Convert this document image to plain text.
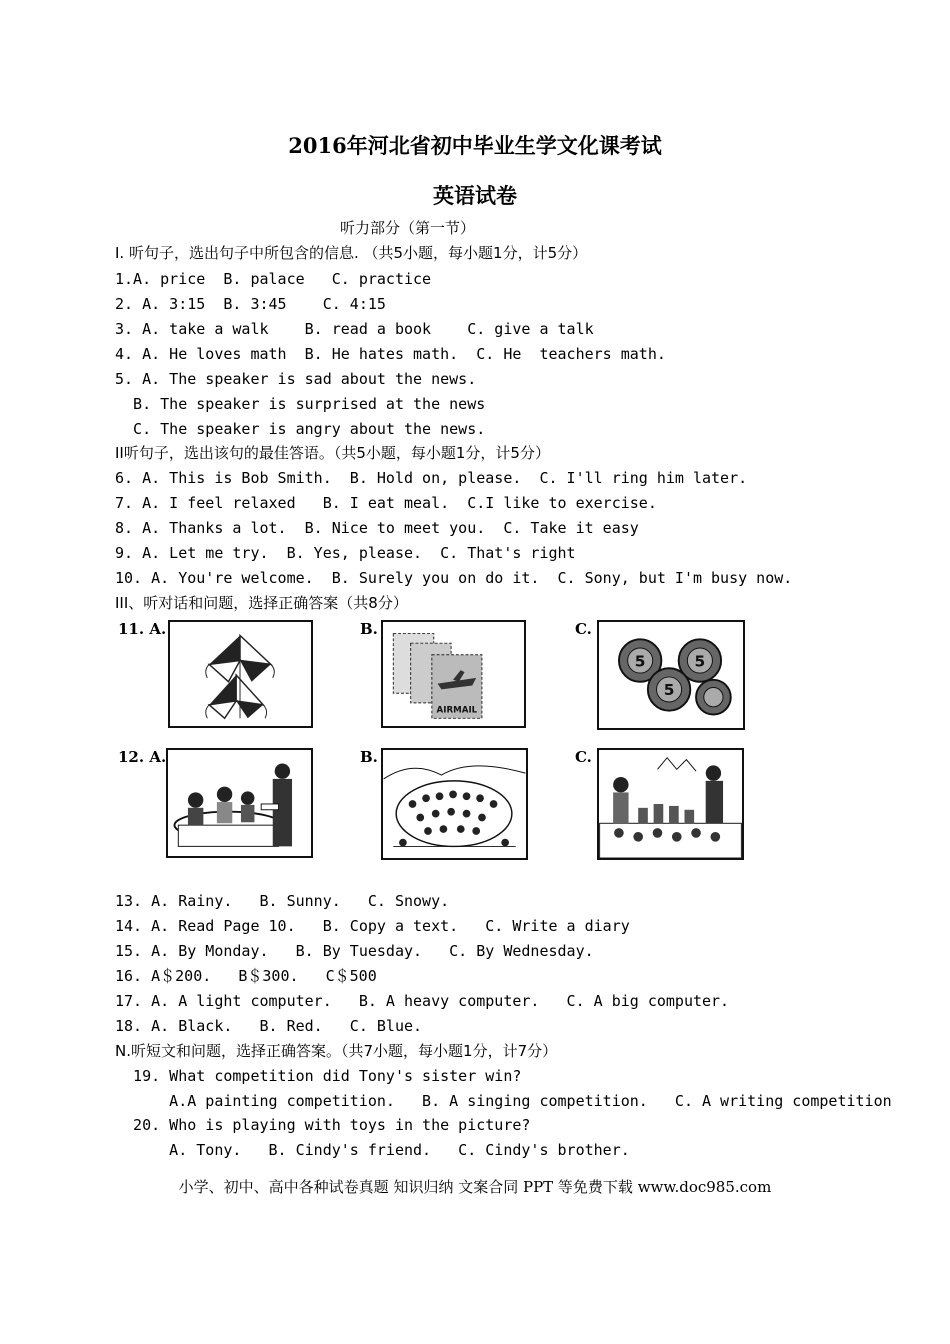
2016年河北省初中毕业生学文化课考试
英语试卷
听力部分（第一节）
I. 听句子，选出句子中所包含的信息. （共5小题，每小题1分，计5分）
1.A. price  B. palace   C. practice
2. A. 3:15  B. 3:45    C. 4:15
3. A. take a walk    B. read a book    C. give a talk
4. A. He loves math  B. He hates math.  C. He  teachers math.
5. A. The speaker is sad about the news.
B. The speaker is surprised at the news
C. The speaker is angry about the news.
II听句子，选出该句的最佳答语。（共5小题，每小题1分，计5分）
6. A. This is Bob Smith.  B. Hold on, please.  C. I'll ring him later.
7. A. I feel relaxed   B. I eat meal.  C.I like to exercise.
8. A. Thanks a lot.  B. Nice to meet you.  C. Take it easy
9. A. Let me try.  B. Yes, please.  C. That's right
10. A. You're welcome.  B. Surely you on do it.  C. Sony, but I'm busy now.
III、听对话和问题，选择正确答案（共8分）
11. A.	B.
AIRMAIL
C.
5	5
5
12. A.	B.	C.
13. A. Rainy.   B. Sunny.   C. Snowy.
14. A. Read Page 10.   B. Copy a text.   C. Write a diary
15. A. By Monday.   B. By Tuesday.   C. By Wednesday.
16. A＄200.   B＄300.   C＄500
17. A. A light computer.   B. A heavy computer.   C. A big computer.
18. A. Black.   B. Red.   C. Blue.
N.听短文和问题，选择正确答案。（共7小题，每小题1分，计7分）
19. What competition did Tony's sister win?
A.A painting competition.   B. A singing competition.   C. A writing competition
20. Who is playing with toys in the picture?
A. Tony.   B. Cindy's friend.   C. Cindy's brother.
小学、初中、高中各种试卷真题 知识归纳 文案合同 PPT 等免费下载 www.doc985.com
